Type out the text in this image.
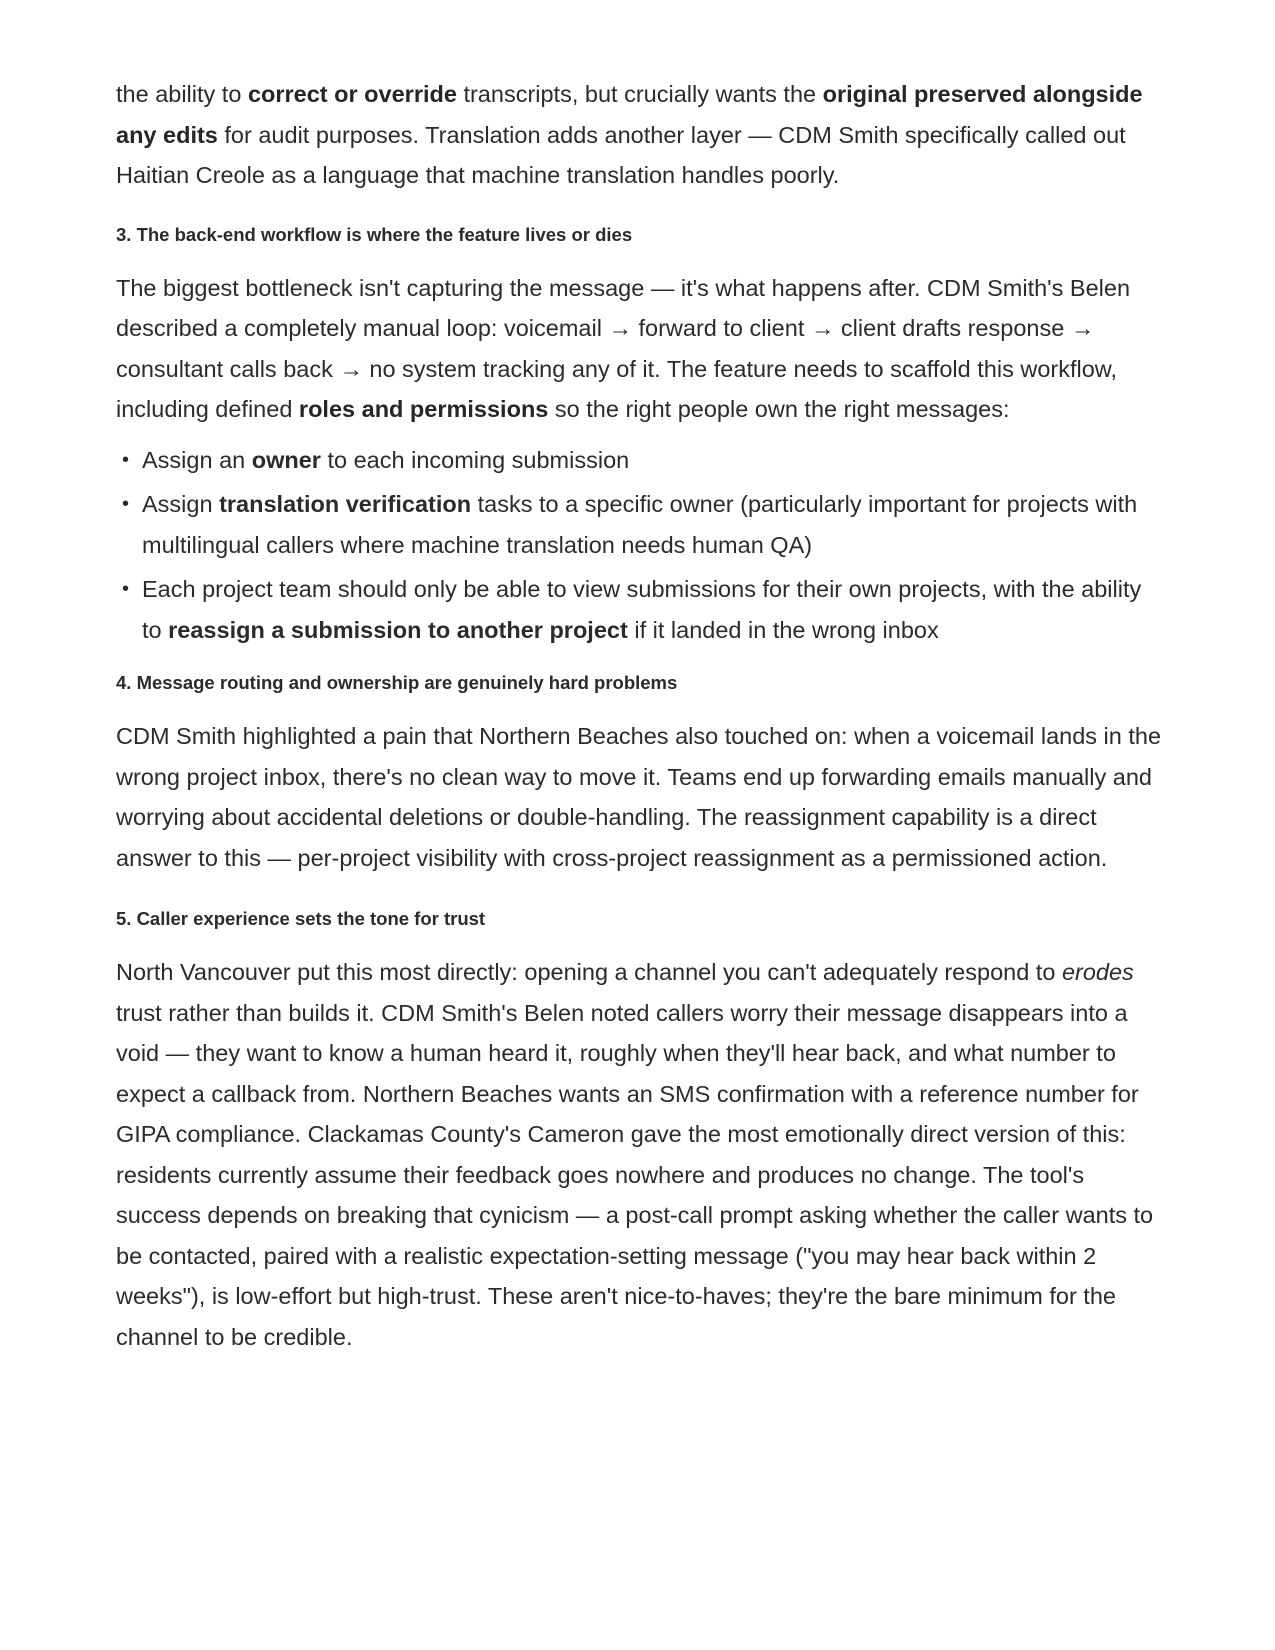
the ability to correct or override transcripts, but crucially wants the original preserved alongside any edits for audit purposes. Translation adds another layer — CDM Smith specifically called out Haitian Creole as a language that machine translation handles poorly.

3. The back-end workflow is where the feature lives or dies

The biggest bottleneck isn't capturing the message — it's what happens after. CDM Smith's Belen described a completely manual loop: voicemail → forward to client → client drafts response → consultant calls back → no system tracking any of it. The feature needs to scaffold this workflow, including defined roles and permissions so the right people own the right messages:

• Assign an owner to each incoming submission
• Assign translation verification tasks to a specific owner (particularly important for projects with multilingual callers where machine translation needs human QA)
• Each project team should only be able to view submissions for their own projects, with the ability to reassign a submission to another project if it landed in the wrong inbox
4. Message routing and ownership are genuinely hard problems

CDM Smith highlighted a pain that Northern Beaches also touched on: when a voicemail lands in the wrong project inbox, there's no clean way to move it. Teams end up forwarding emails manually and worrying about accidental deletions or double-handling. The reassignment capability is a direct answer to this — per-project visibility with cross-project reassignment as a permissioned action.

5. Caller experience sets the tone for trust

North Vancouver put this most directly: opening a channel you can't adequately respond to erodes trust rather than builds it. CDM Smith's Belen noted callers worry their message disappears into a void — they want to know a human heard it, roughly when they'll hear back, and what number to expect a callback from. Northern Beaches wants an SMS confirmation with a reference number for GIPA compliance. Clackamas County's Cameron gave the most emotionally direct version of this: residents currently assume their feedback goes nowhere and produces no change. The tool's success depends on breaking that cynicism — a post-call prompt asking whether the caller wants to be contacted, paired with a realistic expectation-setting message ("you may hear back within 2 weeks"), is low-effort but high-trust. These aren't nice-to-haves; they're the bare minimum for the channel to be credible.
